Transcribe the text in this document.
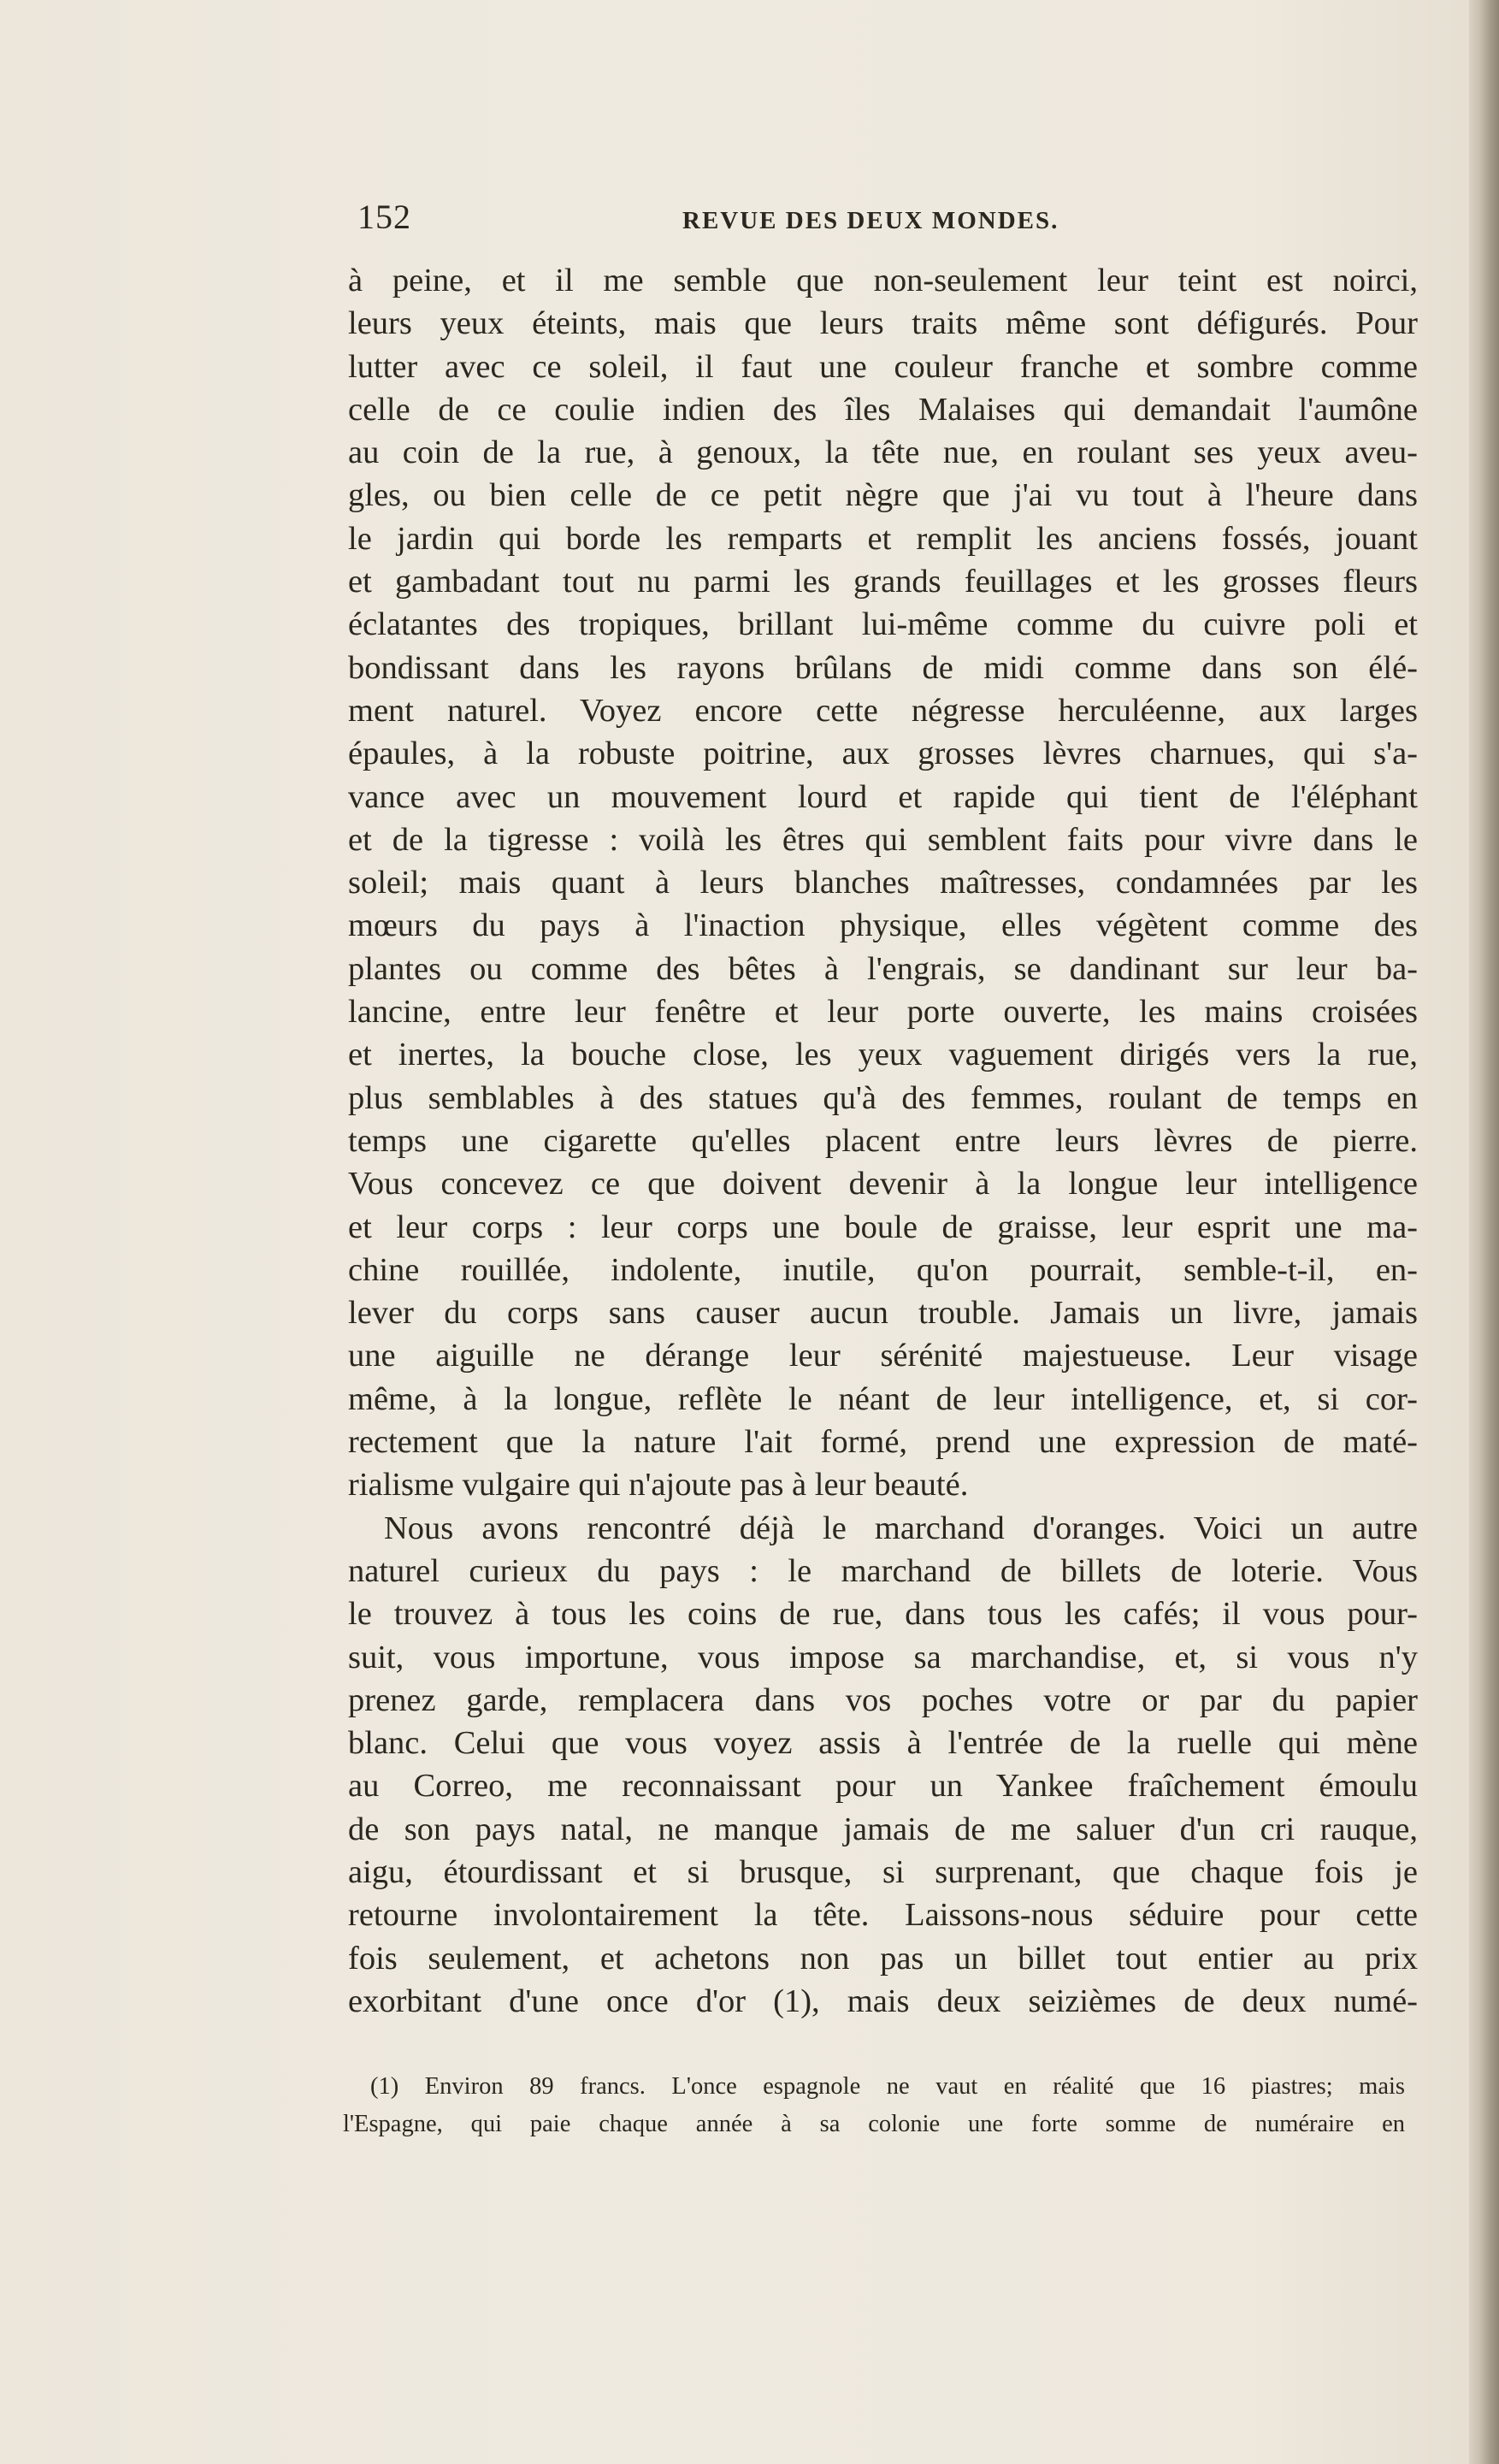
152	REVUE DES DEUX MONDES.
à peine, et il me semble que non-seulement leur teint est noirci,
leurs yeux éteints, mais que leurs traits même sont défigurés. Pour
lutter avec ce soleil, il faut une couleur franche et sombre comme
celle de ce coulie indien des îles Malaises qui demandait l'aumône
au coin de la rue, à genoux, la tête nue, en roulant ses yeux aveu-
gles, ou bien celle de ce petit nègre que j'ai vu tout à l'heure dans
le jardin qui borde les remparts et remplit les anciens fossés, jouant
et gambadant tout nu parmi les grands feuillages et les grosses fleurs
éclatantes des tropiques, brillant lui-même comme du cuivre poli et
bondissant dans les rayons brûlans de midi comme dans son élé-
ment naturel. Voyez encore cette négresse herculéenne, aux larges
épaules, à la robuste poitrine, aux grosses lèvres charnues, qui s'a-
vance avec un mouvement lourd et rapide qui tient de l'éléphant
et de la tigresse : voilà les êtres qui semblent faits pour vivre dans le
soleil; mais quant à leurs blanches maîtresses, condamnées par les
mœurs du pays à l'inaction physique, elles végètent comme des
plantes ou comme des bêtes à l'engrais, se dandinant sur leur ba-
lancine, entre leur fenêtre et leur porte ouverte, les mains croisées
et inertes, la bouche close, les yeux vaguement dirigés vers la rue,
plus semblables à des statues qu'à des femmes, roulant de temps en
temps une cigarette qu'elles placent entre leurs lèvres de pierre.
Vous concevez ce que doivent devenir à la longue leur intelligence
et leur corps : leur corps une boule de graisse, leur esprit une ma-
chine rouillée, indolente, inutile, qu'on pourrait, semble-t-il, en-
lever du corps sans causer aucun trouble. Jamais un livre, jamais
une aiguille ne dérange leur sérénité majestueuse. Leur visage
même, à la longue, reflète le néant de leur intelligence, et, si cor-
rectement que la nature l'ait formé, prend une expression de maté-
rialisme vulgaire qui n'ajoute pas à leur beauté.
Nous avons rencontré déjà le marchand d'oranges. Voici un autre
naturel curieux du pays : le marchand de billets de loterie. Vous
le trouvez à tous les coins de rue, dans tous les cafés; il vous pour-
suit, vous importune, vous impose sa marchandise, et, si vous n'y
prenez garde, remplacera dans vos poches votre or par du papier
blanc. Celui que vous voyez assis à l'entrée de la ruelle qui mène
au Correo, me reconnaissant pour un Yankee fraîchement émoulu
de son pays natal, ne manque jamais de me saluer d'un cri rauque,
aigu, étourdissant et si brusque, si surprenant, que chaque fois je
retourne involontairement la tête. Laissons-nous séduire pour cette
fois seulement, et achetons non pas un billet tout entier au prix
exorbitant d'une once d'or (1), mais deux seizièmes de deux numé-
(1) Environ 89 francs. L'once espagnole ne vaut en réalité que 16 piastres; mais
l'Espagne, qui paie chaque année à sa colonie une forte somme de numéraire en
